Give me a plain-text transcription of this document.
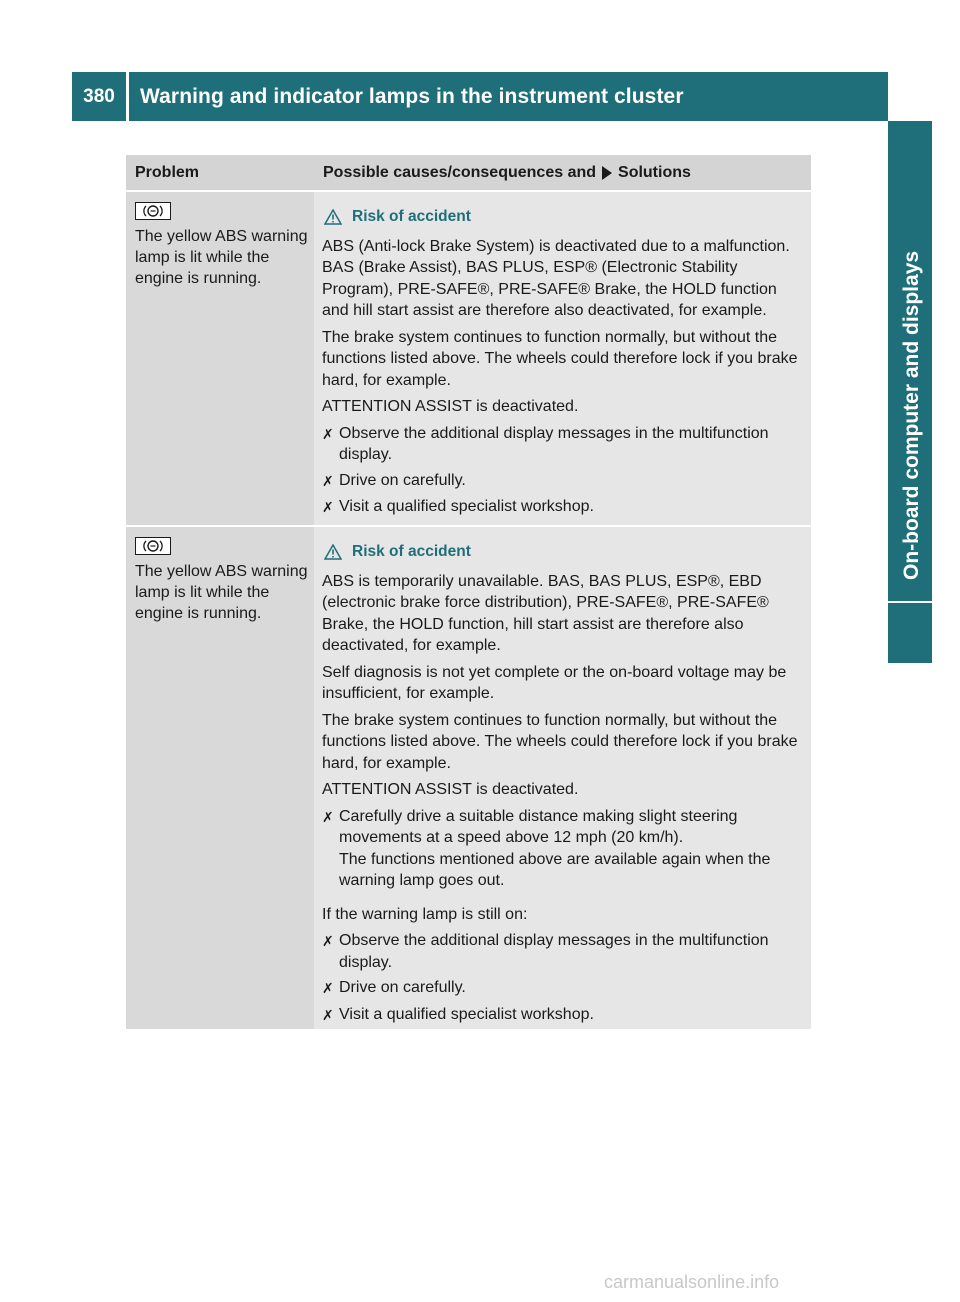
380	Warning and indicator lamps in the instrument cluster
On-board computer and displays
Problem	Possible causes/consequences and Solutions
The yellow ABS warning lamp is lit while the engine is running.
Risk of accident
ABS (Anti-lock Brake System) is deactivated due to a malfunction. BAS (Brake Assist), BAS PLUS, ESP® (Electronic Stability Program), PRE-SAFE®, PRE-SAFE® Brake, the HOLD function and hill start assist are therefore also deactivated, for example.
The brake system continues to function normally, but without the functions listed above. The wheels could therefore lock if you brake hard, for example.
ATTENTION ASSIST is deactivated.
✗ Observe the additional display messages in the multifunction display.
✗ Drive on carefully.
✗ Visit a qualified specialist workshop.
The yellow ABS warning lamp is lit while the engine is running.
Risk of accident
ABS is temporarily unavailable. BAS, BAS PLUS, ESP®, EBD (electronic brake force distribution), PRE-SAFE®, PRE-SAFE® Brake, the HOLD function, hill start assist are therefore also deactivated, for example.
Self diagnosis is not yet complete or the on-board voltage may be insufficient, for example.
The brake system continues to function normally, but without the functions listed above. The wheels could therefore lock if you brake hard, for example.
ATTENTION ASSIST is deactivated.
✗ Carefully drive a suitable distance making slight steering movements at a speed above 12 mph (20 km/h).
The functions mentioned above are available again when the warning lamp goes out.
If the warning lamp is still on:
✗ Observe the additional display messages in the multifunction display.
✗ Drive on carefully.
✗ Visit a qualified specialist workshop.
carmanualsonline.info
